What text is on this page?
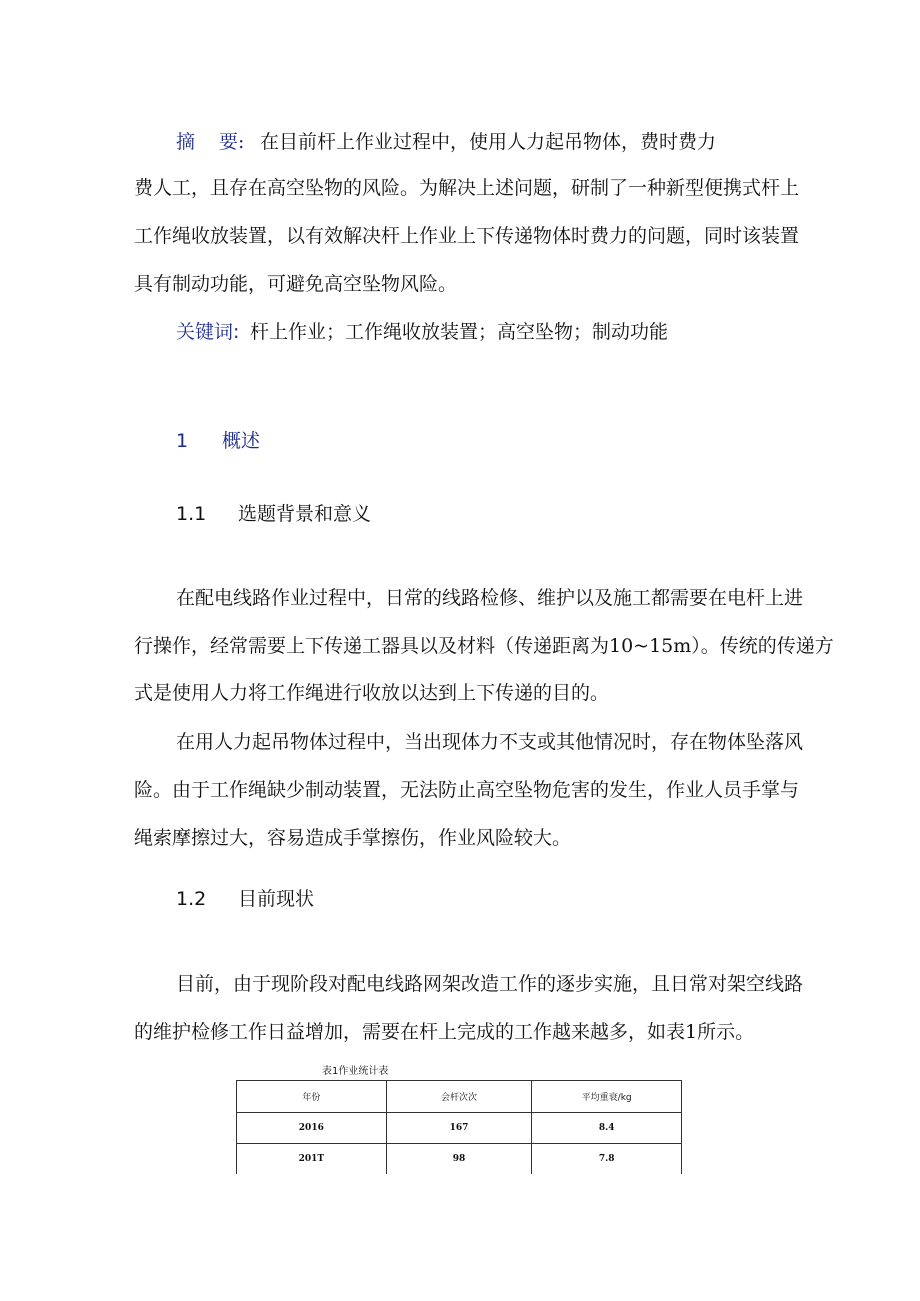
摘 要: 在目前杆上作业过程中，使用人力起吊物体，费时费力
费人工，且存在高空坠物的风险。为解决上述问题，研制了一种新型便携式杆上
工作绳收放装置，以有效解决杆上作业上下传递物体时费力的问题，同时该装置
具有制动功能，可避免高空坠物风险。
关键词: 杆上作业；工作绳收放装置；高空坠物；制动功能
1 概述
1.1 选题背景和意义
在配电线路作业过程中，日常的线路检修、维护以及施工都需要在电杆上进
行操作，经常需要上下传递工器具以及材料（传递距离为10~15m）。传统的传递方
式是使用人力将工作绳进行收放以达到上下传递的目的。
在用人力起吊物体过程中，当出现体力不支或其他情况时，存在物体坠落风
险。由于工作绳缺少制动装置，无法防止高空坠物危害的发生，作业人员手掌与
绳索摩擦过大，容易造成手掌擦伤，作业风险较大。
1.2 目前现状
目前，由于现阶段对配电线路网架改造工作的逐步实施，且日常对架空线路
的维护检修工作日益增加，需要在杆上完成的工作越来越多，如表1所示。
表1作业统计表
年份	会杆次次	平均重衰/kg
2016	167	8.4
201T	98	7.8
